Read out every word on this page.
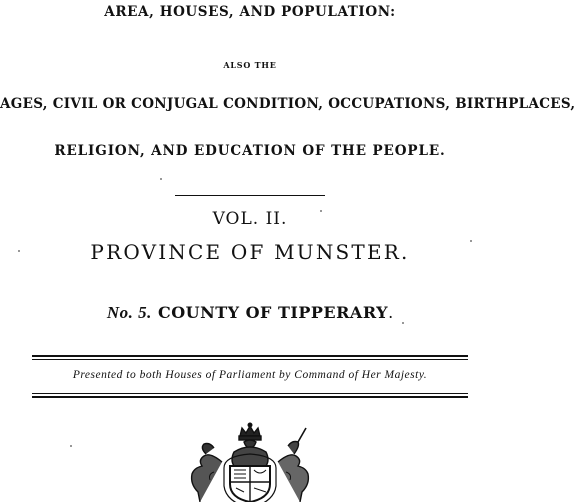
AREA, HOUSES, AND POPULATION:
ALSO THE
AGES, CIVIL OR CONJUGAL CONDITION, OCCUPATIONS, BIRTHPLACES,
RELIGION, AND EDUCATION OF THE PEOPLE.
VOL. II.
PROVINCE OF MUNSTER.
No. 5. COUNTY OF TIPPERARY.
Presented to both Houses of Parliament by Command of Her Majesty.
